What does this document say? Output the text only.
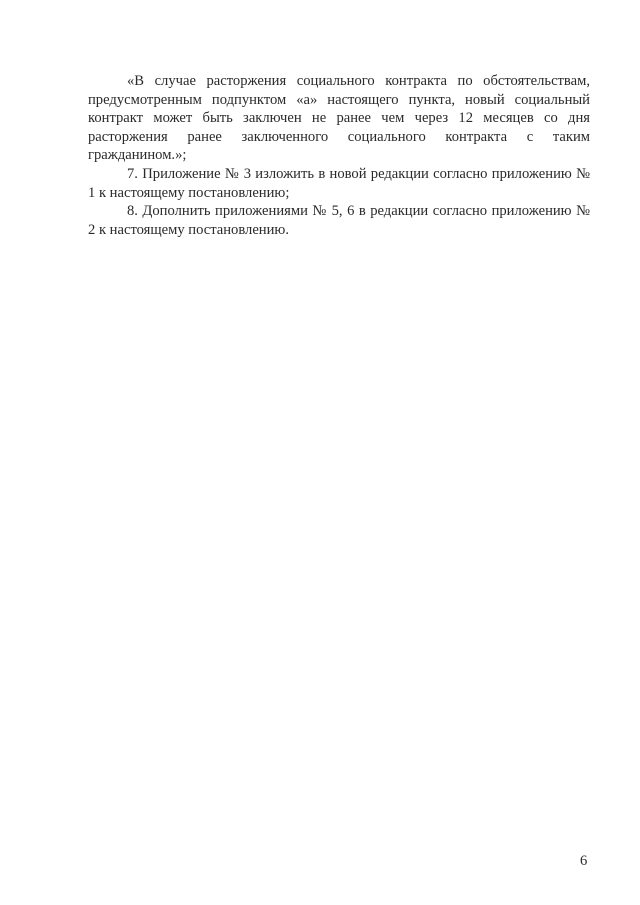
«В случае расторжения социального контракта по обстоятельствам, предусмотренным подпунктом «а» настоящего пункта, новый социальный контракт может быть заключен не ранее чем через 12 месяцев со дня расторжения ранее заключенного социального контракта с таким гражданином.»;

7. Приложение № 3 изложить в новой редакции согласно приложению № 1 к настоящему постановлению;

8. Дополнить приложениями № 5, 6 в редакции согласно приложению № 2 к настоящему постановлению.

6
